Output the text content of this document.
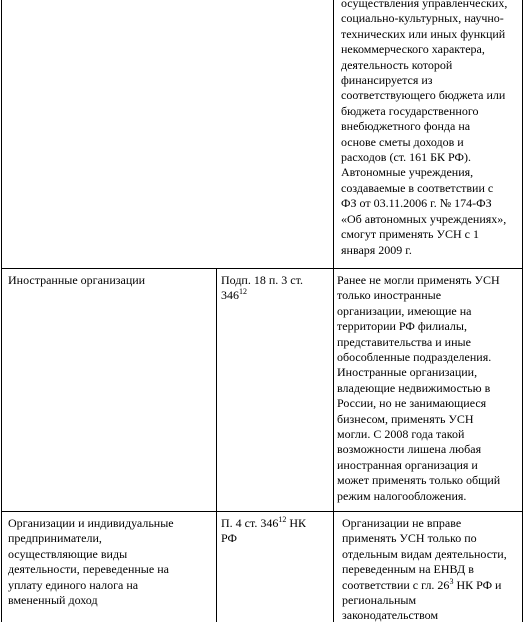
осуществления управленческих,

социально-культурных, научно-

технических или иных функций

некоммерческого характера,

деятельность которой

финансируется из

соответствующего бюджета или

бюджета государственного

внебюджетного фонда на

основе сметы доходов и

расходов (ст. 161 БК РФ).

Автономные учреждения,

создаваемые в соответствии с

ФЗ от 03.11.2006 г. № 174-ФЗ

«Об автономных учреждениях»,

смогут применять УСН с 1

января 2009 г.

Иностранные организации	Подп. 18 п. 3 ст.

$346^{12}$

Ранее не могли применять УСН

только иностранные

организации, имеющие на

территории РФ филиалы,

представительства и иные

обособленные подразделения.

Иностранные организации,

владеющие недвижимостью в

России, но не занимающиеся

бизнесом, применять УСН

могли. С 2008 года такой

возможности лишена любая

иностранная организация и

может применять только общий

режим налогообложения.

Организации и индивидуальные

предприниматели,

осуществляющие виды

деятельности, переведенные на

уплату единого налога на

вмененный доход

П. 4 ст. $346^{12}$ НК

РФ

Организации не вправе

применять УСН только по

отдельным видам деятельности,

переведенным на ЕНВД в

соответствии с гл. $26^3$ НК РФ и

региональным

законодательством
